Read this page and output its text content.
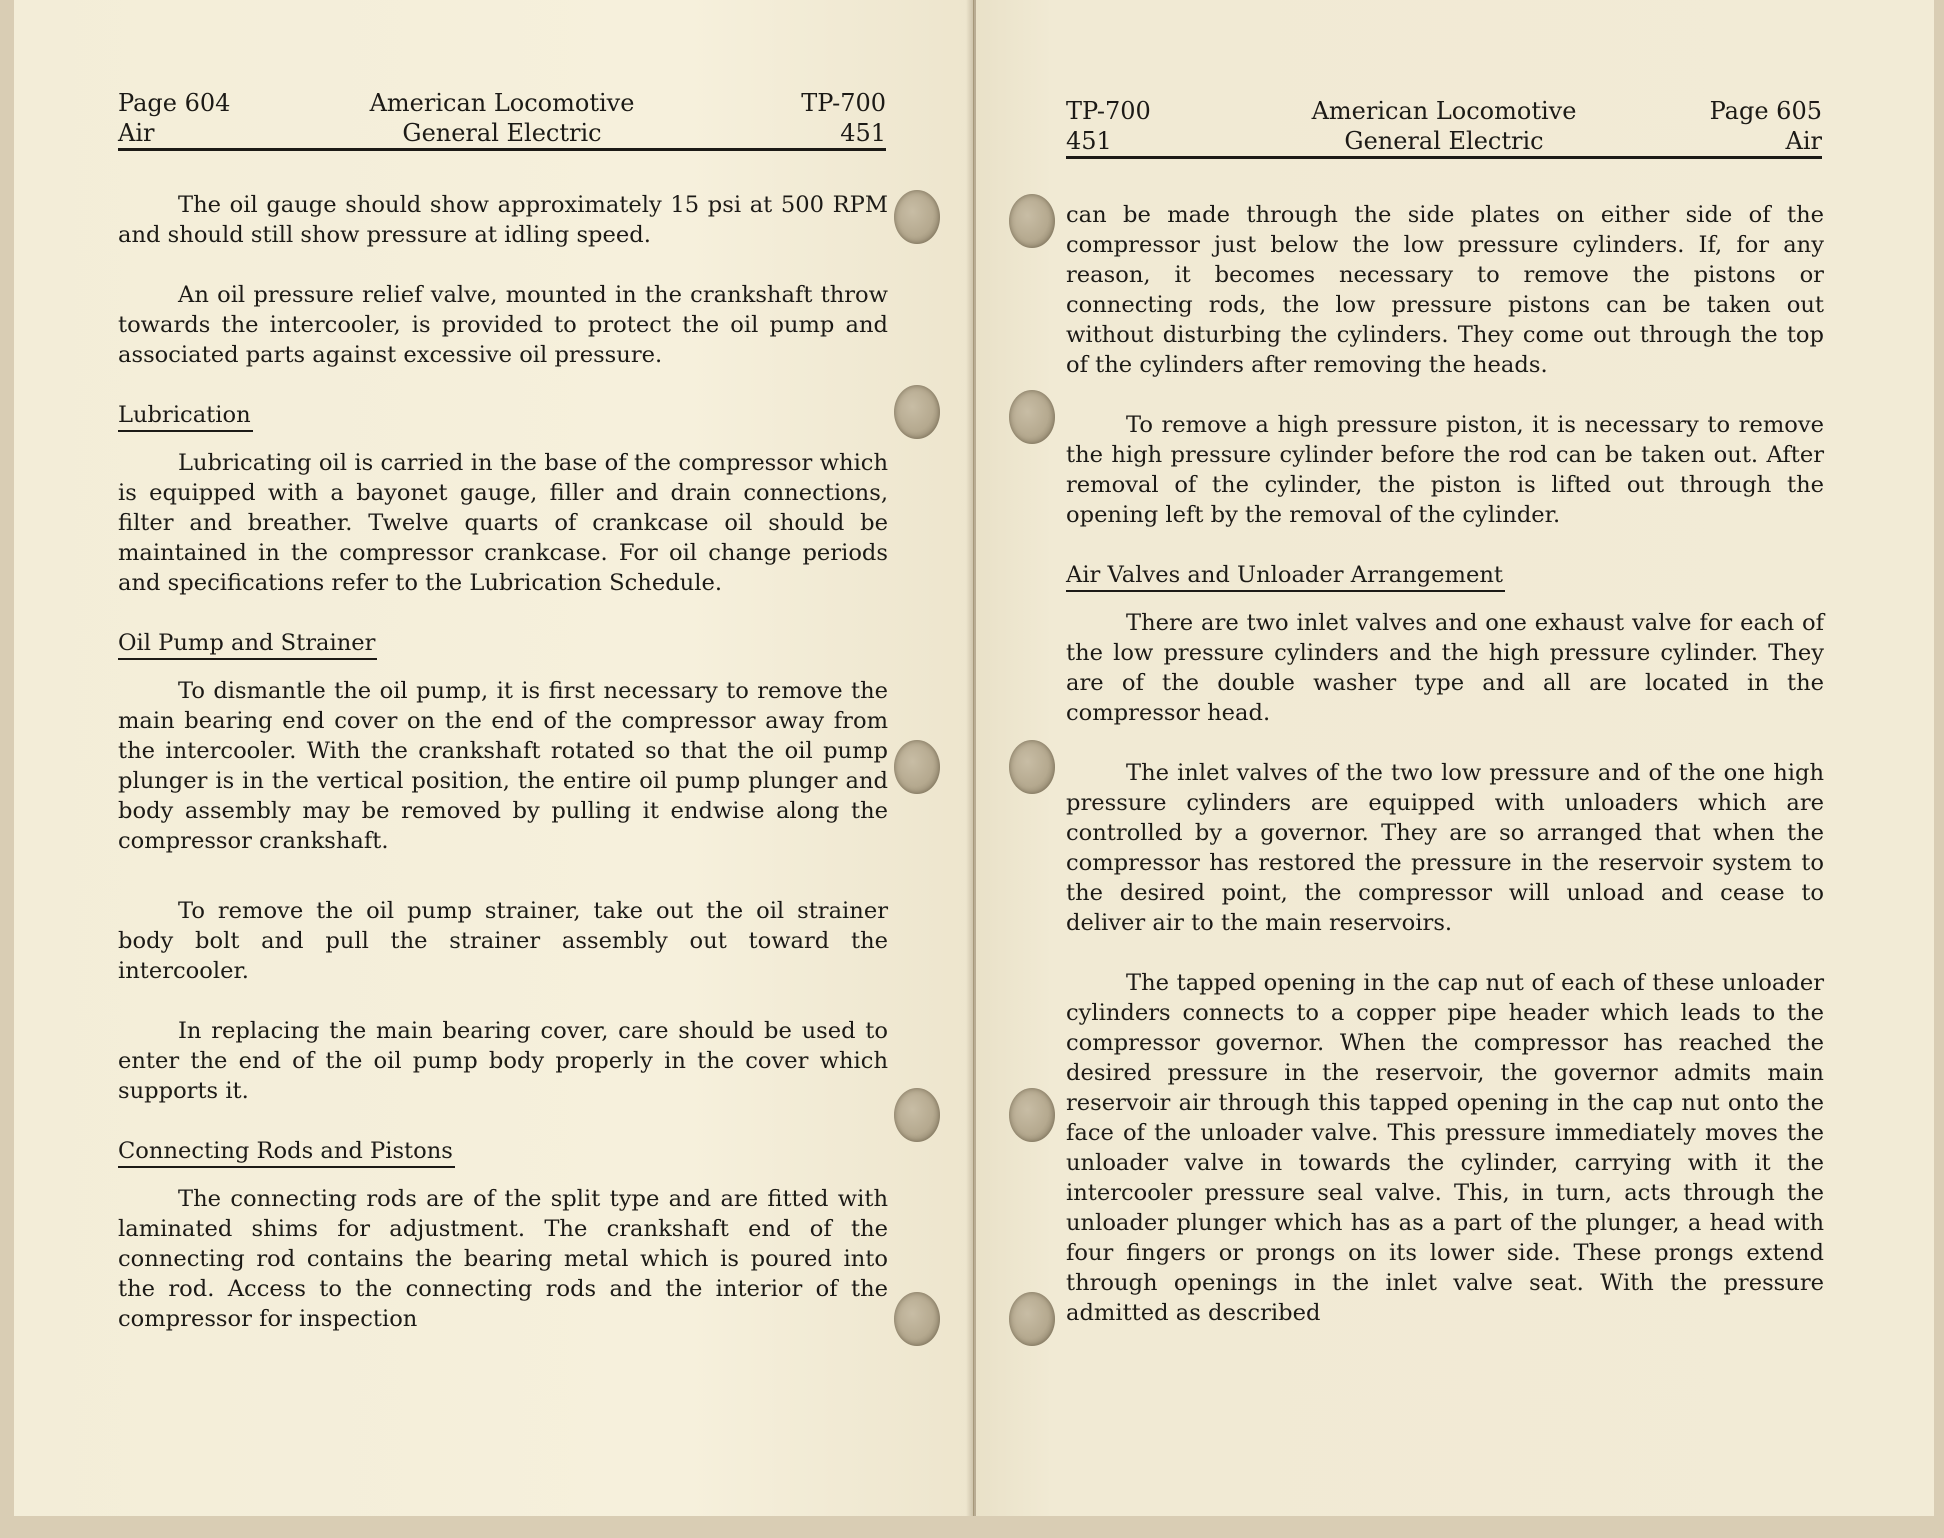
Page 604
Air
American Locomotive
General Electric
TP-700
451

The oil gauge should show approximately 15 psi at 500 RPM and should still show pressure at idling speed.

An oil pressure relief valve, mounted in the crankshaft throw towards the intercooler, is provided to protect the oil pump and associated parts against excessive oil pressure.

Lubrication

Lubricating oil is carried in the base of the compressor which is equipped with a bayonet gauge, filler and drain connections, filter and breather. Twelve quarts of crankcase oil should be maintained in the compressor crankcase. For oil change periods and specifications refer to the Lubrication Schedule.

Oil Pump and Strainer

To dismantle the oil pump, it is first necessary to remove the main bearing end cover on the end of the compressor away from the intercooler. With the crankshaft rotated so that the oil pump plunger is in the vertical position, the entire oil pump plunger and body assembly may be removed by pulling it endwise along the compressor crankshaft.

To remove the oil pump strainer, take out the oil strainer body bolt and pull the strainer assembly out toward the intercooler.

In replacing the main bearing cover, care should be used to enter the end of the oil pump body properly in the cover which supports it.

Connecting Rods and Pistons

The connecting rods are of the split type and are fitted with laminated shims for adjustment. The crankshaft end of the connecting rod contains the bearing metal which is poured into the rod. Access to the connecting rods and the interior of the compressor for inspection

TP-700
451
American Locomotive
General Electric
Page 605
Air

can be made through the side plates on either side of the compressor just below the low pressure cylinders. If, for any reason, it becomes necessary to remove the pistons or connecting rods, the low pressure pistons can be taken out without disturbing the cylinders. They come out through the top of the cylinders after removing the heads.

To remove a high pressure piston, it is necessary to remove the high pressure cylinder before the rod can be taken out. After removal of the cylinder, the piston is lifted out through the opening left by the removal of the cylinder.

Air Valves and Unloader Arrangement

There are two inlet valves and one exhaust valve for each of the low pressure cylinders and the high pressure cylinder. They are of the double washer type and all are located in the compressor head.

The inlet valves of the two low pressure and of the one high pressure cylinders are equipped with unloaders which are controlled by a governor. They are so arranged that when the compressor has restored the pressure in the reservoir system to the desired point, the compressor will unload and cease to deliver air to the main reservoirs.

The tapped opening in the cap nut of each of these unloader cylinders connects to a copper pipe header which leads to the compressor governor. When the compressor has reached the desired pressure in the reservoir, the governor admits main reservoir air through this tapped opening in the cap nut onto the face of the unloader valve. This pressure immediately moves the unloader valve in towards the cylinder, carrying with it the intercooler pressure seal valve. This, in turn, acts through the unloader plunger which has as a part of the plunger, a head with four fingers or prongs on its lower side. These prongs extend through openings in the inlet valve seat. With the pressure admitted as described
